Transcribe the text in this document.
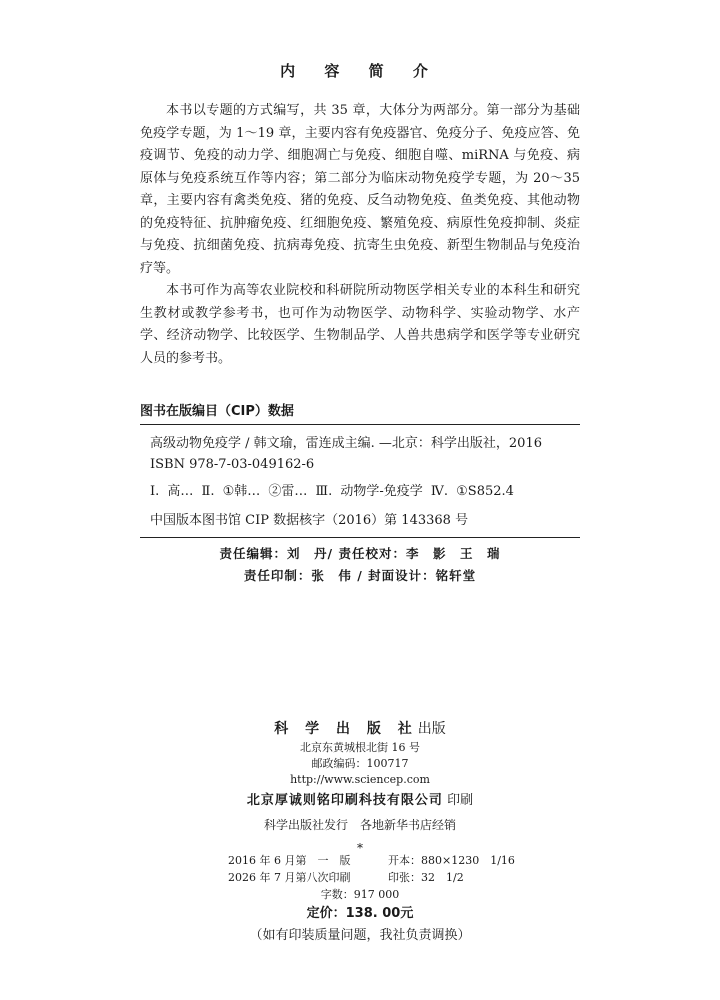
内 容 简 介

本书以专题的方式编写，共 35 章，大体分为两部分。第一部分为基础免疫学专题，为 1～19 章，主要内容有免疫器官、免疫分子、免疫应答、免疫调节、免疫的动力学、细胞凋亡与免疫、细胞自噬、miRNA 与免疫、病原体与免疫系统互作等内容；第二部分为临床动物免疫学专题，为 20～35 章，主要内容有禽类免疫、猪的免疫、反刍动物免疫、鱼类免疫、其他动物的免疫特征、抗肿瘤免疫、红细胞免疫、繁殖免疫、病原性免疫抑制、炎症与免疫、抗细菌免疫、抗病毒免疫、抗寄生虫免疫、新型生物制品与免疫治疗等。

本书可作为高等农业院校和科研院所动物医学相关专业的本科生和研究生教材或教学参考书，也可作为动物医学、动物科学、实验动物学、水产学、经济动物学、比较医学、生物制品学、人兽共患病学和医学等专业研究人员的参考书。

图书在版编目（CIP）数据
高级动物免疫学 / 韩文瑜，雷连成主编. —北京：科学出版社，2016
ISBN 978-7-03-049162-6
Ⅰ. 高… Ⅱ. ①韩… ②雷… Ⅲ. 动物学-免疫学 Ⅳ. ①S852.4
中国版本图书馆 CIP 数据核字（2016）第 143368 号
责任编辑：刘　丹/ 责任校对：李　影　王　瑞
责任印制：张　伟 / 封面设计：铭轩堂
科 学 出 版 社出版
北京东黄城根北街 16 号
邮政编码：100717
http://www.sciencep.com
北京厚诚则铭印刷科技有限公司 印刷
科学出版社发行　各地新华书店经销
*
2016 年 6 月第　一　版	开本：880×1230　1/16
2026 年 7 月第八次印刷	印张：32　1/2
字数：917 000
定价：138. 00元
（如有印装质量问题，我社负责调换）
